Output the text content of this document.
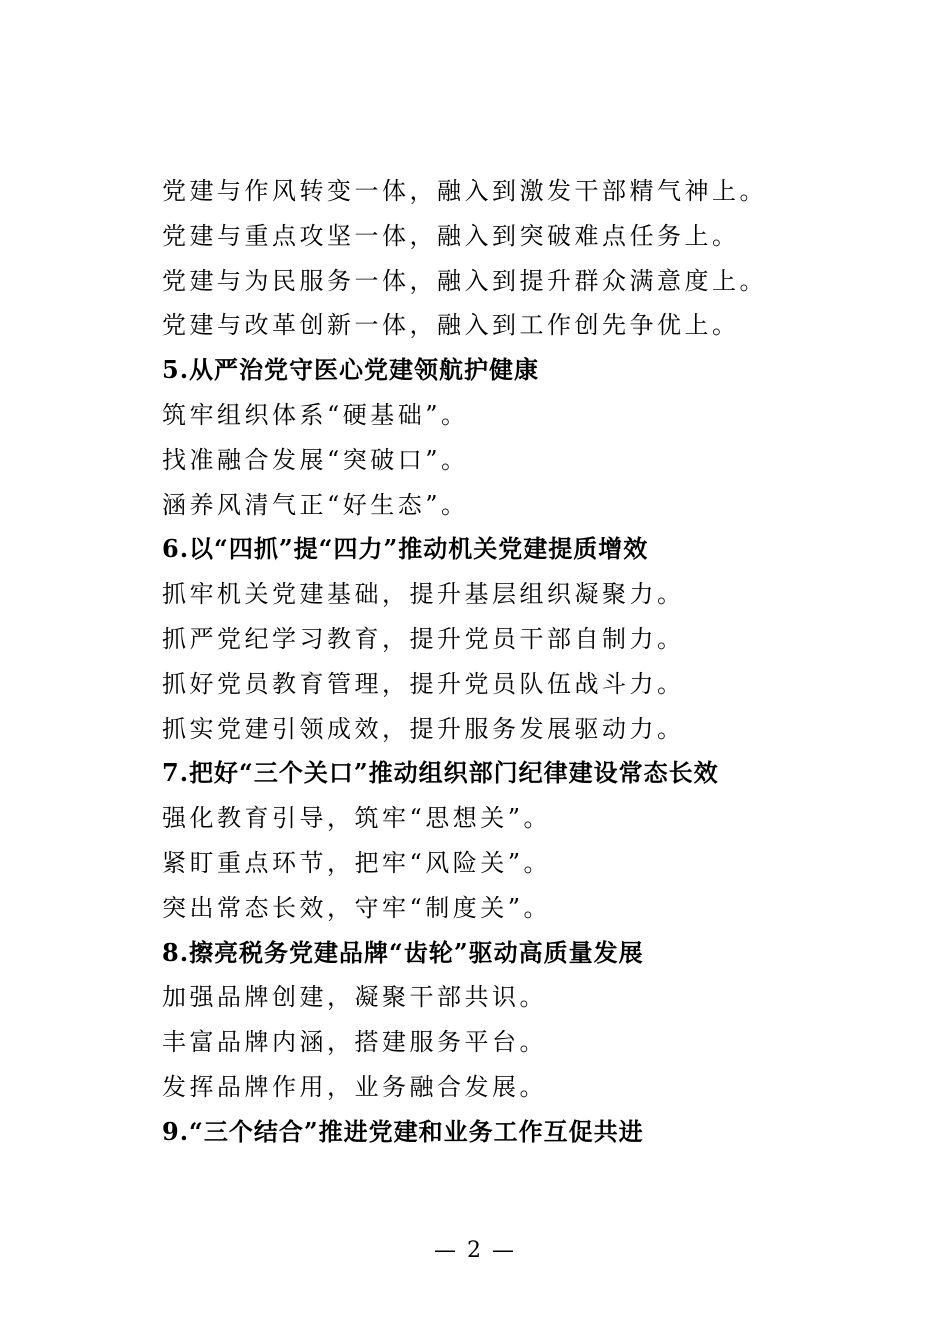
党建与作风转变一体，融入到激发干部精气神上。
党建与重点攻坚一体，融入到突破难点任务上。
党建与为民服务一体，融入到提升群众满意度上。
党建与改革创新一体，融入到工作创先争优上。
5.从严治党守医心党建领航护健康
筑牢组织体系“硬基础”。
找准融合发展“突破口”。
涵养风清气正“好生态”。
6.以“四抓”提“四力”推动机关党建提质增效
抓牢机关党建基础，提升基层组织凝聚力。
抓严党纪学习教育，提升党员干部自制力。
抓好党员教育管理，提升党员队伍战斗力。
抓实党建引领成效，提升服务发展驱动力。
7.把好“三个关口”推动组织部门纪律建设常态长效
强化教育引导，筑牢“思想关”。
紧盯重点环节，把牢“风险关”。
突出常态长效，守牢“制度关”。
8.擦亮税务党建品牌“齿轮”驱动高质量发展
加强品牌创建，凝聚干部共识。
丰富品牌内涵，搭建服务平台。
发挥品牌作用，业务融合发展。
9.“三个结合”推进党建和业务工作互促共进
— 2 —
